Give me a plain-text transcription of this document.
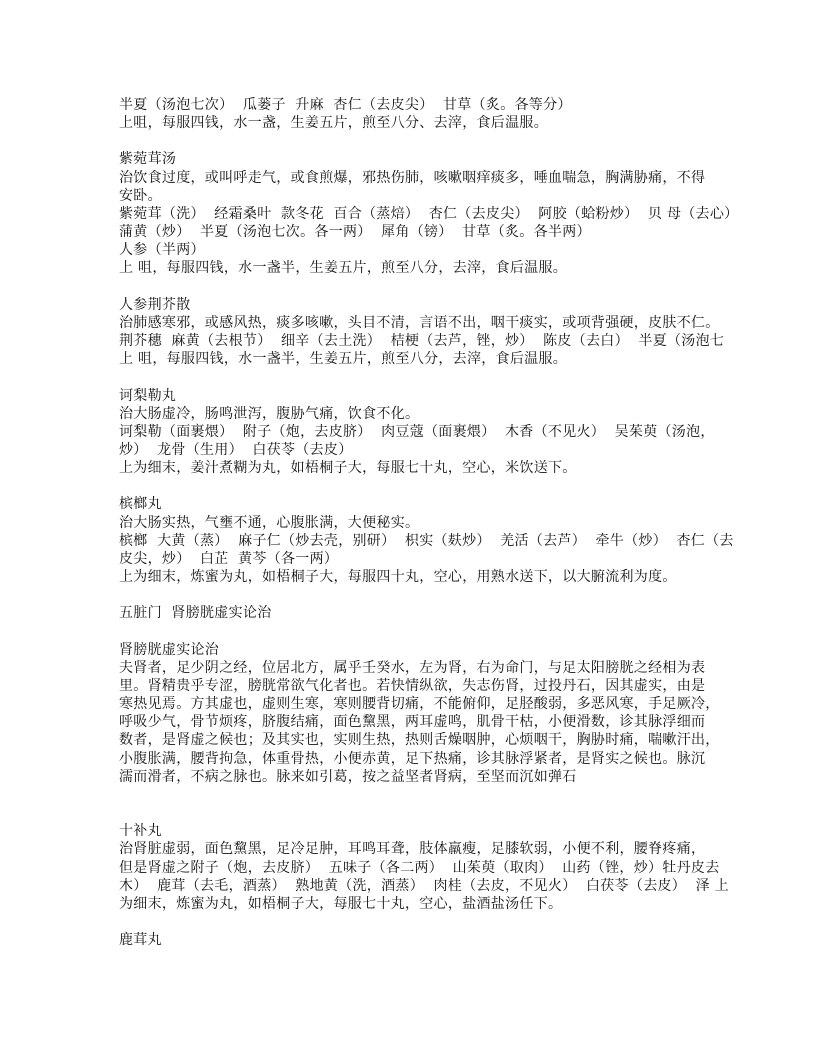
半夏（汤泡七次）  瓜蒌子  升麻  杏仁（去皮尖）  甘草（炙。各等分）
上咀，每服四钱，水一盏，生姜五片，煎至八分、去滓，食后温服。
紫菀茸汤
治饮食过度，或叫呼走气，或食煎爆，邪热伤肺，咳嗽咽痒痰多，唾血喘急，胸满胁痛，不得
安卧。
紫菀茸（洗）  经霜桑叶  款冬花  百合（蒸焙）  杏仁（去皮尖）  阿胶（蛤粉炒）  贝 母（去心）
蒲黄（炒）  半夏（汤泡七次。各一两）  犀角（镑）  甘草（炙。各半两）
人参（半两）
上 咀，每服四钱，水一盏半，生姜五片，煎至八分，去滓，食后温服。
人参荆芥散
治肺感寒邪，或感风热，痰多咳嗽，头目不清，言语不出，咽干痰实，或项背强硬，皮肤不仁。
荆芥穗  麻黄（去根节）  细辛（去土洗）  桔梗（去芦，锉，炒）  陈皮（去白）  半夏（汤泡七
上 咀，每服四钱，水一盏半，生姜五片，煎至八分，去滓，食后温服。
诃梨勒丸
治大肠虚冷，肠鸣泄泻，腹胁气痛，饮食不化。
诃梨勒（面裹煨）  附子（炮，去皮脐）  肉豆蔻（面裹煨）  木香（不见火）  吴茱萸（汤泡，
炒）  龙骨（生用）  白茯苓（去皮）
上为细末，姜汁煮糊为丸，如梧桐子大，每服七十丸，空心，米饮送下。
槟榔丸
治大肠实热，气壅不通，心腹胀满，大便秘实。
槟榔  大黄（蒸）  麻子仁（炒去壳，别研）  枳实（麸炒）  羌活（去芦）  牵牛（炒）  杏仁（去
皮尖，炒）  白芷  黄芩（各一两）
上为细末，炼蜜为丸，如梧桐子大，每服四十丸，空心，用熟水送下，以大腑流利为度。
五脏门  肾膀胱虚实论治
肾膀胱虚实论治
夫肾者，足少阴之经，位居北方，属乎壬癸水，左为肾，右为命门，与足太阳膀胱之经相为表
里。肾精贵乎专涩，膀胱常欲气化者也。若快情纵欲，失志伤肾，过投丹石，因其虚实，由是
寒热见焉。方其虚也，虚则生寒，寒则腰背切痛，不能俯仰，足胫酸弱，多恶风寒，手足厥冷，
呼吸少气，骨节烦疼，脐腹结痛，面色黧黑，两耳虚鸣，肌骨干枯，小便滑数，诊其脉浮细而
数者，是肾虚之候也；及其实也，实则生热，热则舌燥咽肿，心烦咽干，胸胁时痛，喘嗽汗出，
小腹胀满，腰背拘急，体重骨热，小便赤黄，足下热痛，诊其脉浮紧者，是肾实之候也。脉沉
濡而滑者，不病之脉也。脉来如引葛，按之益坚者肾病，至坚而沉如弹石
十补丸
治肾脏虚弱，面色黧黑，足冷足肿，耳鸣耳聋，肢体羸瘦，足膝软弱，小便不利，腰脊疼痛，
但是肾虚之附子（炮，去皮脐）  五味子（各二两）  山茱萸（取肉）  山药（锉，炒）牡丹皮去
木）  鹿茸（去毛，酒蒸）  熟地黄（洗，酒蒸）  肉桂（去皮，不见火）  白茯苓（去皮）  泽 上
为细末，炼蜜为丸，如梧桐子大，每服七十丸，空心，盐酒盐汤任下。
鹿茸丸
